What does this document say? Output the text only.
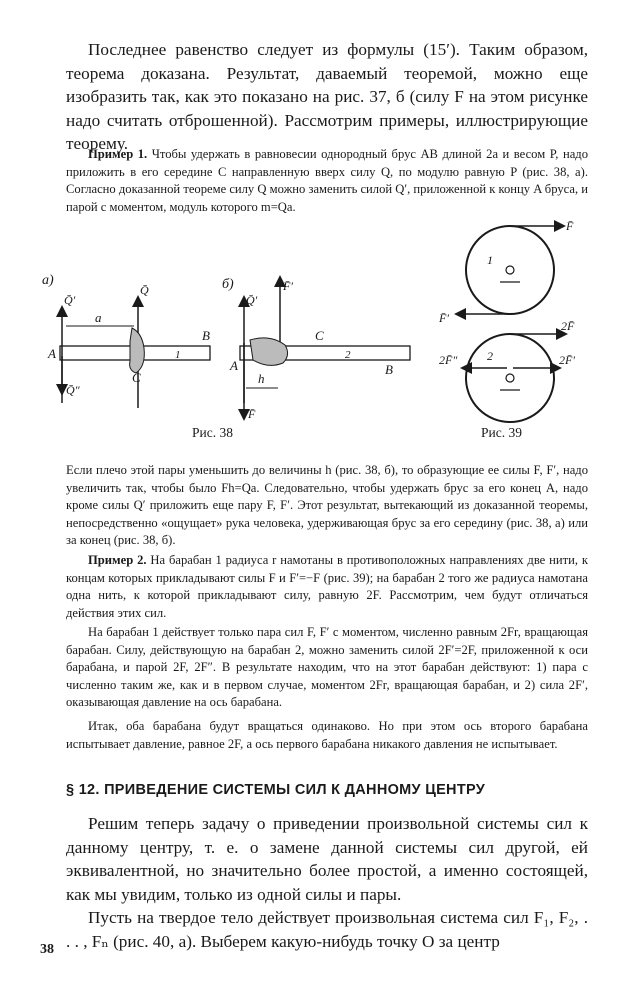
Последнее равенство следует из формулы (15′). Таким образом, теорема доказана. Результат, даваемый теоремой, можно еще изобразить так, как это показано на рис. 37, б (силу F на этом рисунке надо считать отброшенной). Рассмотрим примеры, иллюстрирующие теорему.
Пример 1. Чтобы удержать в равновесии однородный брус AB длиной 2a и весом P, надо приложить в его середине C направленную вверх силу Q, по модулю равную P (рис. 38, а). Согласно доказанной теореме силу Q можно заменить силой Q′, приложенной к концу A бруса, и парой с моментом, модуль которого m=Qa.
а)
Q̄′
Q̄
a
A
B
1
C
Q̄″
б)
Q̄′
F̄′
A
C
2
B
h
F̄
Рис. 38
F̄
1
F̄′
2F̄
2F̄″ 2	2F̄′
Рис. 39
Если плечо этой пары уменьшить до величины h (рис. 38, б), то образующие ее силы F, F′, надо увеличить так, чтобы было Fh=Qa. Следовательно, чтобы удержать брус за его конец A, надо кроме силы Q′ приложить еще пару F, F′. Этот результат, вытекающий из доказанной теоремы, непосредственно «ощущает» рука человека, удерживающая брус за его середину (рис. 38, а) или за конец (рис. 38, б).
Пример 2. На барабан 1 радиуса r намотаны в противоположных направлениях две нити, к концам которых прикладывают силы F и F′=−F (рис. 39); на барабан 2 того же радиуса намотана одна нить, к которой прикладывают силу, равную 2F. Рассмотрим, чем будут отличаться действия этих сил.
На барабан 1 действует только пара сил F, F′ с моментом, численно равным 2Fr, вращающая барабан. Силу, действующую на барабан 2, можно заменить силой 2F′=2F, приложенной к оси барабана, и парой 2F, 2F″. В результате находим, что на этот барабан действуют: 1) пара с численно таким же, как и в первом случае, моментом 2Fr, вращающая барабан, и 2) сила 2F′, оказывающая давление на ось барабана.
Итак, оба барабана будут вращаться одинаково. Но при этом ось второго барабана испытывает давление, равное 2F, а ось первого барабана никакого давления не испытывает.
§ 12. ПРИВЕДЕНИЕ СИСТЕМЫ СИЛ К ДАННОМУ ЦЕНТРУ
Решим теперь задачу о приведении произвольной системы сил к данному центру, т. е. о замене данной системы сил другой, ей эквивалентной, но значительно более простой, а именно состоящей, как мы увидим, только из одной силы и пары.
Пусть на твердое тело действует произвольная система сил F₁, F₂, . . . , Fₙ (рис. 40, а). Выберем какую-нибудь точку O за центр
38
